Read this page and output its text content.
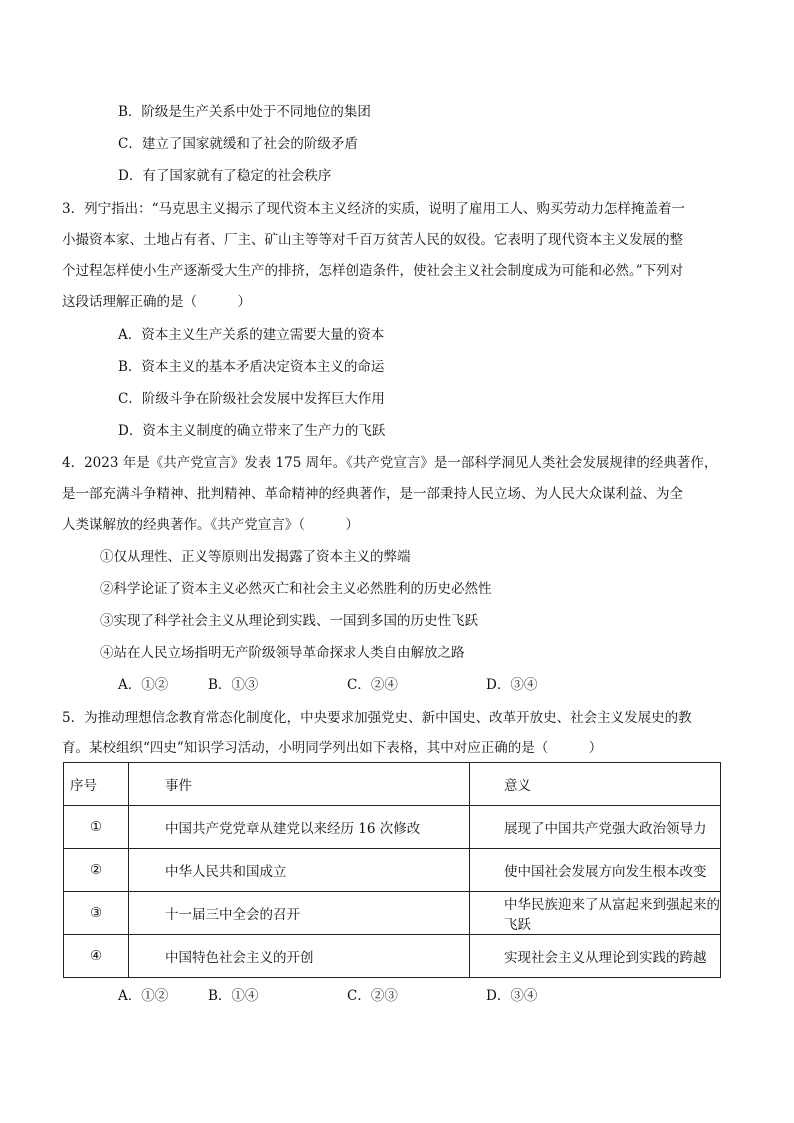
B．阶级是生产关系中处于不同地位的集团
C．建立了国家就缓和了社会的阶级矛盾
D．有了国家就有了稳定的社会秩序
3．列宁指出：“马克思主义揭示了现代资本主义经济的实质，说明了雇用工人、购买劳动力怎样掩盖着一
小撮资本家、土地占有者、厂主、矿山主等等对千百万贫苦人民的奴役。它表明了现代资本主义发展的整
个过程怎样使小生产逐渐受大生产的排挤，怎样创造条件，使社会主义社会制度成为可能和必然。”下列对
这段话理解正确的是（　　　）
A．资本主义生产关系的建立需要大量的资本
B．资本主义的基本矛盾决定资本主义的命运
C．阶级斗争在阶级社会发展中发挥巨大作用
D．资本主义制度的确立带来了生产力的飞跃
4．2023 年是《共产党宣言》发表 175 周年。《共产党宣言》是一部科学洞见人类社会发展规律的经典著作，
是一部充满斗争精神、批判精神、革命精神的经典著作，是一部秉持人民立场、为人民大众谋利益、为全
人类谋解放的经典著作。《共产党宣言》（　　　）
①仅从理性、正义等原则出发揭露了资本主义的弊端
②科学论证了资本主义必然灭亡和社会主义必然胜利的历史必然性
③实现了科学社会主义从理论到实践、一国到多国的历史性飞跃
④站在人民立场指明无产阶级领导革命探求人类自由解放之路
A．①②	B．①③	C．②④	D．③④
5．为推动理想信念教育常态化制度化，中央要求加强党史、新中国史、改革开放史、社会主义发展史的教
育。某校组织“四史”知识学习活动，小明同学列出如下表格，其中对应正确的是（　　　）
序号	事件	意义
①	中国共产党党章从建党以来经历 16 次修改	展现了中国共产党强大政治领导力
②	中华人民共和国成立	使中国社会发展方向发生根本改变
③	十一届三中全会的召开	中华民族迎来了从富起来到强起来的飞跃
④	中国特色社会主义的开创	实现社会主义从理论到实践的跨越
A．①②	B．①④	C．②③	D．③④
